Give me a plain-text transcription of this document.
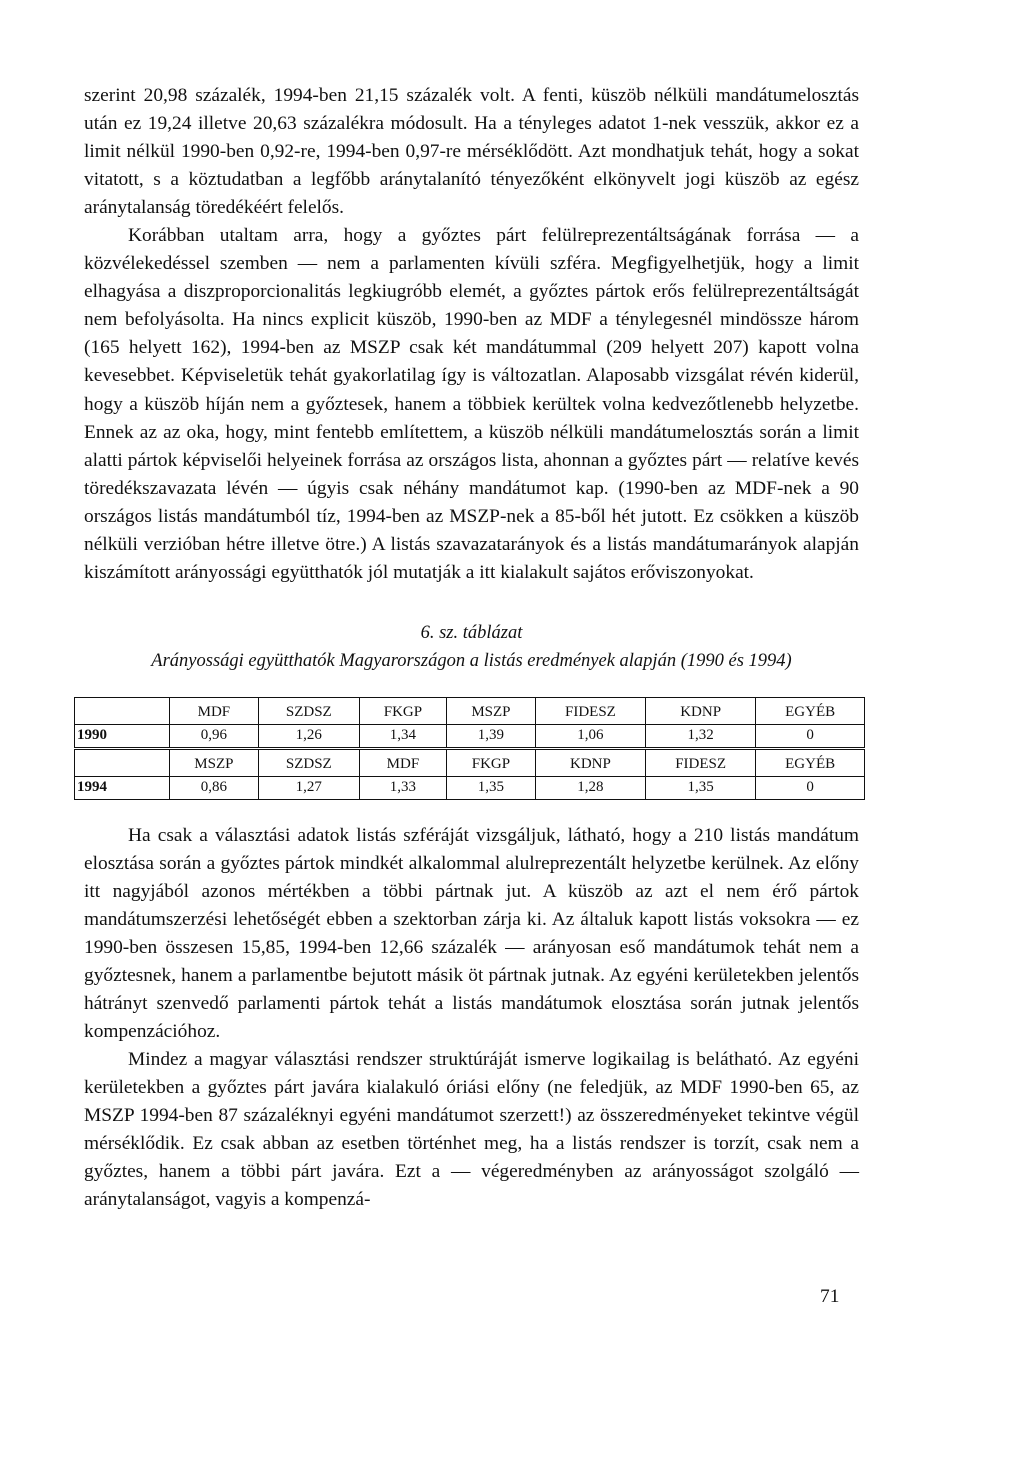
szerint 20,98 százalék, 1994-ben 21,15 százalék volt. A fenti, küszöb nélküli mandátumelosztás után ez 19,24 illetve 20,63 százalékra módosult. Ha a tényleges adatot 1-nek vesszük, akkor ez a limit nélkül 1990-ben 0,92-re, 1994-ben 0,97-re mérséklődött. Azt mondhatjuk tehát, hogy a sokat vitatott, s a köztudatban a legfőbb aránytalanító tényezőként elkönyvelt jogi küszöb az egész aránytalanság töredékéért felelős.

Korábban utaltam arra, hogy a győztes párt felülreprezentáltságának forrása — a közvélekedéssel szemben — nem a parlamenten kívüli szféra. Megfigyelhetjük, hogy a limit elhagyása a diszproporcionalitás legkiugróbb elemét, a győztes pártok erős felülreprezentáltságát nem befolyásolta. Ha nincs explicit küszöb, 1990-ben az MDF a ténylegesnél mindössze három (165 helyett 162), 1994-ben az MSZP csak két mandátummal (209 helyett 207) kapott volna kevesebbet. Képviseletük tehát gyakorlatilag így is változatlan. Alaposabb vizsgálat révén kiderül, hogy a küszöb híján nem a győztesek, hanem a többiek kerültek volna kedvezőtlenebb helyzetbe. Ennek az az oka, hogy, mint fentebb említettem, a küszöb nélküli mandátumelosztás során a limit alatti pártok képviselői helyeinek forrása az országos lista, ahonnan a győztes párt — relatíve kevés töredékszavazata lévén — úgyis csak néhány mandátumot kap. (1990-ben az MDF-nek a 90 országos listás mandátumból tíz, 1994-ben az MSZP-nek a 85-ből hét jutott. Ez csökken a küszöb nélküli verzióban hétre illetve ötre.) A listás szavazatarányok és a listás mandátumarányok alapján kiszámított arányossági együtthatók jól mutatják a itt kialakult sajátos erőviszonyokat.

6. sz. táblázat

Arányossági együtthatók Magyarországon a listás eredmények alapján (1990 és 1994)

	MDF	SZDSZ	FKGP	MSZP	FIDESZ	KDNP	EGYÉB
1990	0,96	1,26	1,34	1,39	1,06	1,32	0
	MSZP	SZDSZ	MDF	FKGP	KDNP	FIDESZ	EGYÉB
1994	0,86	1,27	1,33	1,35	1,28	1,35	0

Ha csak a választási adatok listás szféráját vizsgáljuk, látható, hogy a 210 listás mandátum elosztása során a győztes pártok mindkét alkalommal alulreprezentált helyzetbe kerülnek. Az előny itt nagyjából azonos mértékben a többi pártnak jut. A küszöb az azt el nem érő pártok mandátumszerzési lehetőségét ebben a szektorban zárja ki. Az általuk kapott listás voksokra — ez 1990-ben összesen 15,85, 1994-ben 12,66 százalék — arányosan eső mandátumok tehát nem a győztesnek, hanem a parlamentbe bejutott másik öt pártnak jutnak. Az egyéni kerületekben jelentős hátrányt szenvedő parlamenti pártok tehát a listás mandátumok elosztása során jutnak jelentős kompenzációhoz.

Mindez a magyar választási rendszer struktúráját ismerve logikailag is belátható. Az egyéni kerületekben a győztes párt javára kialakuló óriási előny (ne feledjük, az MDF 1990-ben 65, az MSZP 1994-ben 87 százaléknyi egyéni mandátumot szerzett!) az összeredményeket tekintve végül mérséklődik. Ez csak abban az esetben történhet meg, ha a listás rendszer is torzít, csak nem a győztes, hanem a többi párt javára. Ezt a — végeredményben az arányosságot szolgáló — aránytalanságot, vagyis a kompenzá-

71
